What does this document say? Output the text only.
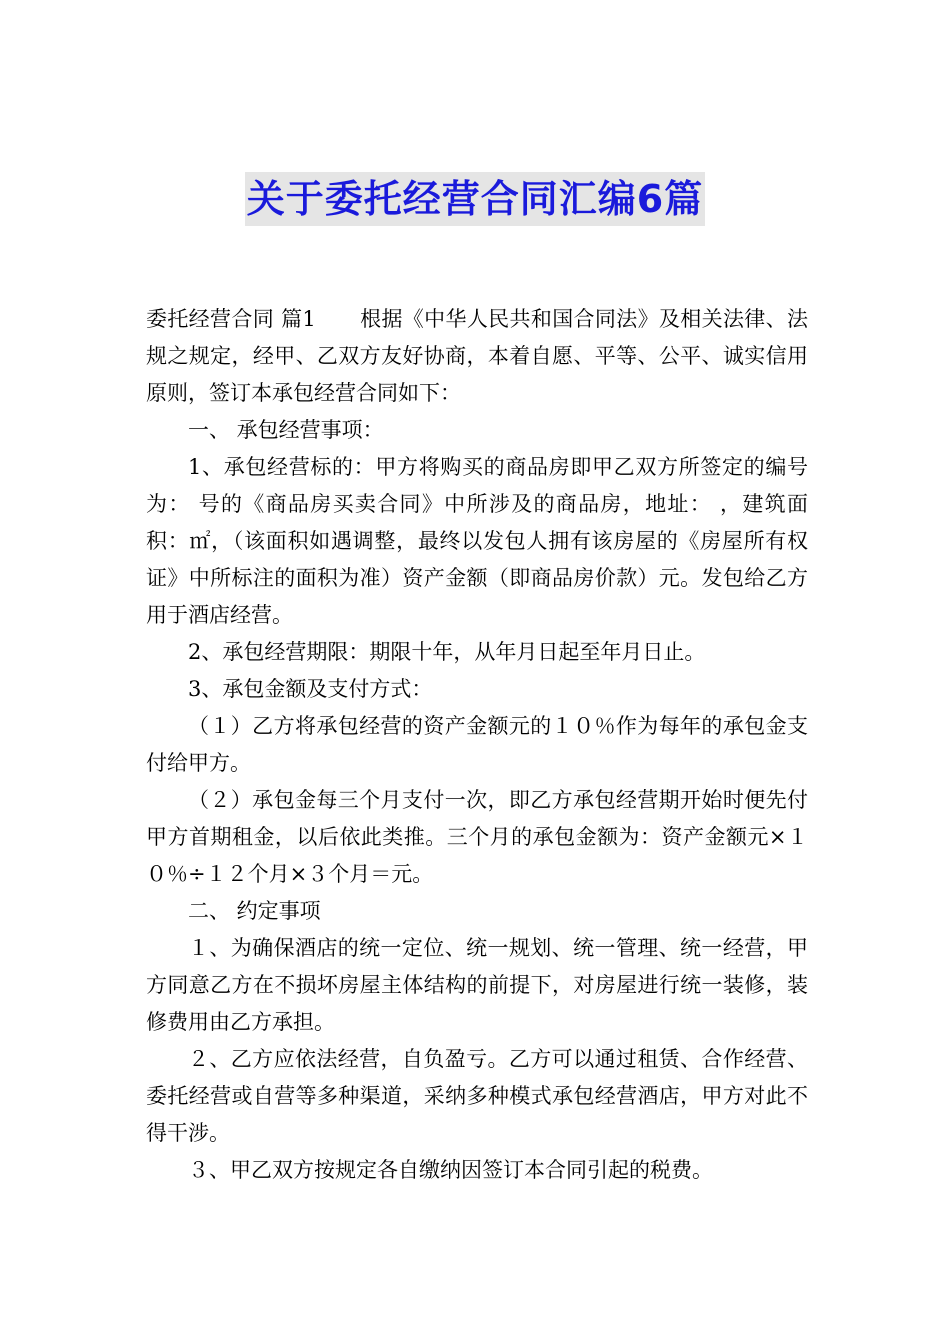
关于委托经营合同汇编6篇

委托经营合同 篇1 根据《中华人民共和国合同法》及相关法律、法规之规定，经甲、乙双方友好协商，本着自愿、平等、公平、诚实信用原则，签订本承包经营合同如下：

一、 承包经营事项：

1、承包经营标的：甲方将购买的商品房即甲乙双方所签定的编号为： 号的《商品房买卖合同》中所涉及的商品房，地址： ，建筑面积：㎡，（该面积如遇调整，最终以发包人拥有该房屋的《房屋所有权证》中所标注的面积为准）资产金额（即商品房价款）元。发包给乙方用于酒店经营。

2、承包经营期限：期限十年，从年月日起至年月日止。

3、承包金额及支付方式：

（１）乙方将承包经营的资产金额元的１０％作为每年的承包金支付给甲方。

（２）承包金每三个月支付一次，即乙方承包经营期开始时便先付甲方首期租金，以后依此类推。三个月的承包金额为：资产金额元×１０％÷１２个月×３个月＝元。

二、 约定事项

１、为确保酒店的统一定位、统一规划、统一管理、统一经营，甲方同意乙方在不损坏房屋主体结构的前提下，对房屋进行统一装修，装修费用由乙方承担。

２、乙方应依法经营，自负盈亏。乙方可以通过租赁、合作经营、委托经营或自营等多种渠道，采纳多种模式承包经营酒店，甲方对此不得干涉。

３、甲乙双方按规定各自缴纳因签订本合同引起的税费。
